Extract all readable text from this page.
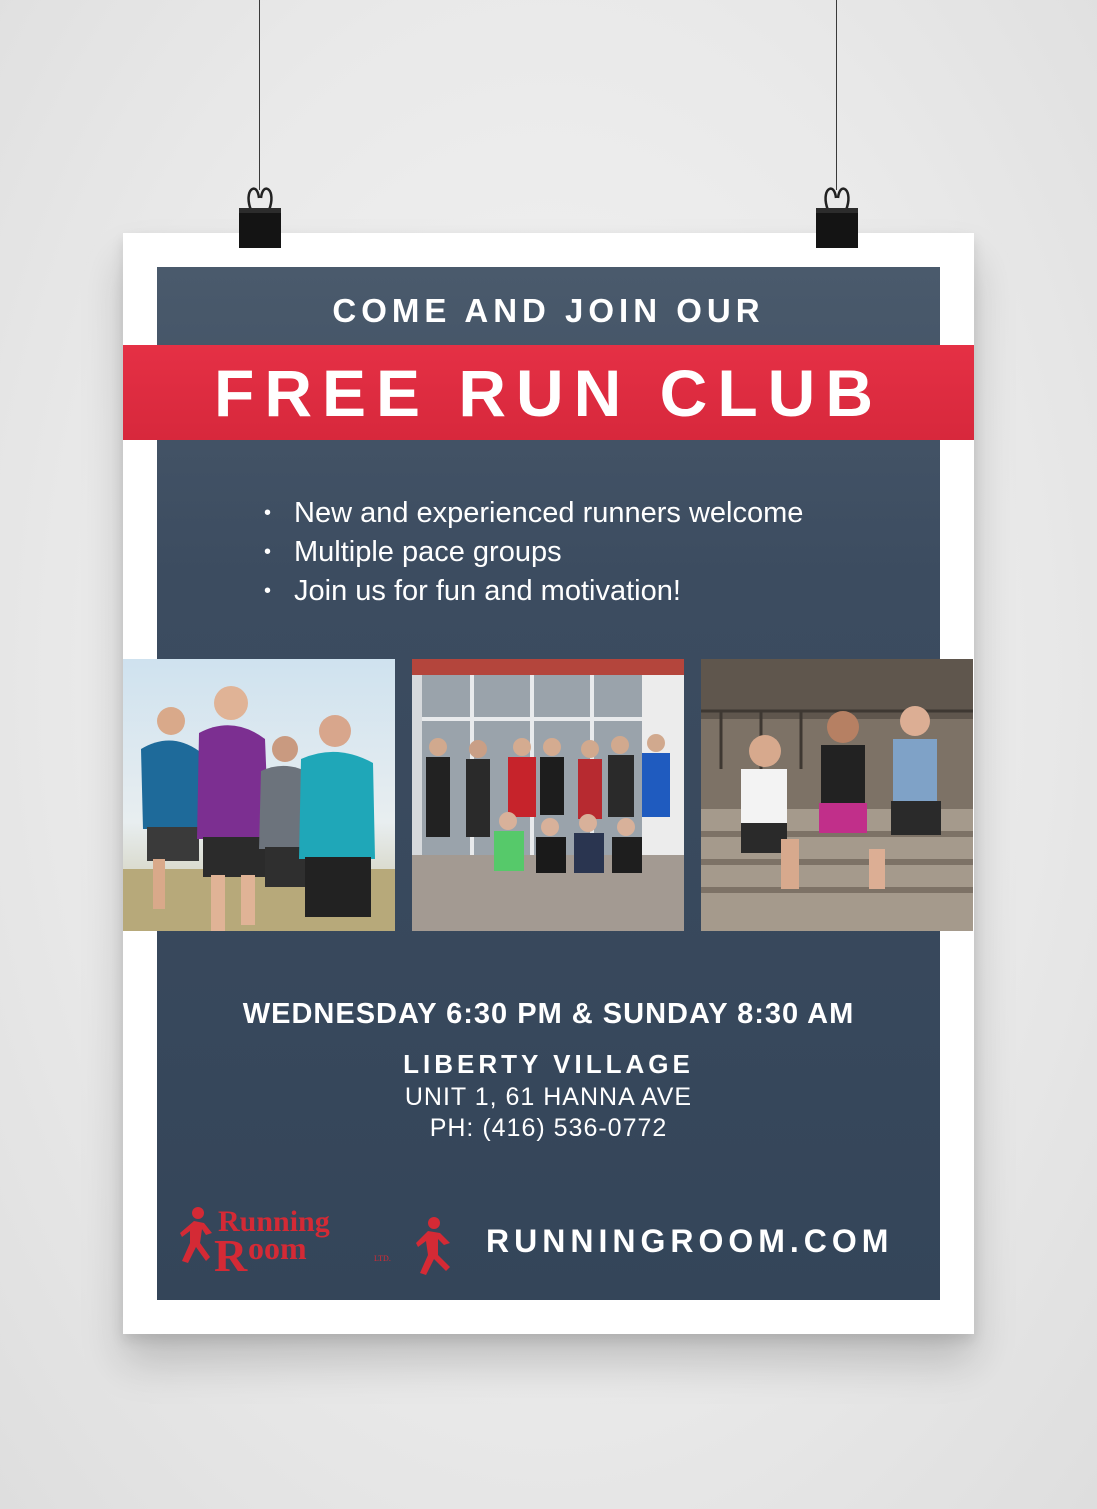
COME AND JOIN OUR
FREE RUN CLUB
• New and experienced runners welcome
• Multiple pace groups
• Join us for fun and motivation!
WEDNESDAY 6:30 PM & SUNDAY 8:30 AM
LIBERTY VILLAGE
UNIT 1, 61 HANNA AVE
PH: (416) 536-0772
Running
R oom	LTD.	RUNNINGROOM.COM
